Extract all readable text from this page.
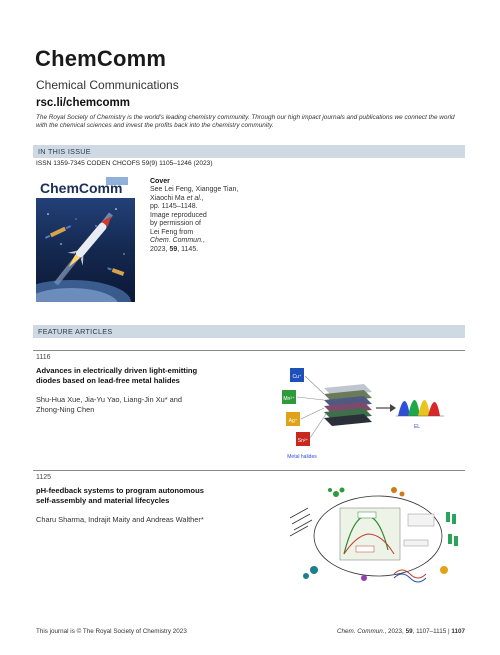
ChemComm
Chemical Communications
rsc.li/chemcomm
The Royal Society of Chemistry is the world’s leading chemistry community. Through our high impact journals and publications we connect the world with the chemical sciences and invest the profits back into the chemistry community.
IN THIS ISSUE
ISSN 1359-7345 CODEN CHCOFS 59(9) 1105–1246 (2023)
ChemComm	Cover
See Lei Feng, Xiangge Tian,
Xiaochi Ma et al.,
pp. 1145–1148.
Image reproduced
by permission of
Lei Feng from
Chem. Commun.,
2023, 59, 1145.
FEATURE ARTICLES
1116
Advances in electrically driven light-emitting
diodes based on lead-free metal halides
Shu-Hua Xue, Jia-Yu Yao, Liang-Jin Xu* and
Zhong-Ning Chen
Cu⁺
Mn²⁺
Ag⁺
Sn²⁺
EL
Metal halides
1125
pH-feedback systems to program autonomous
self-assembly and material lifecycles
Charu Sharma, Indrajit Maity and Andreas Walther*
This journal is © The Royal Society of Chemistry 2023	Chem. Commun., 2023, 59, 1107–1115 | 1107
